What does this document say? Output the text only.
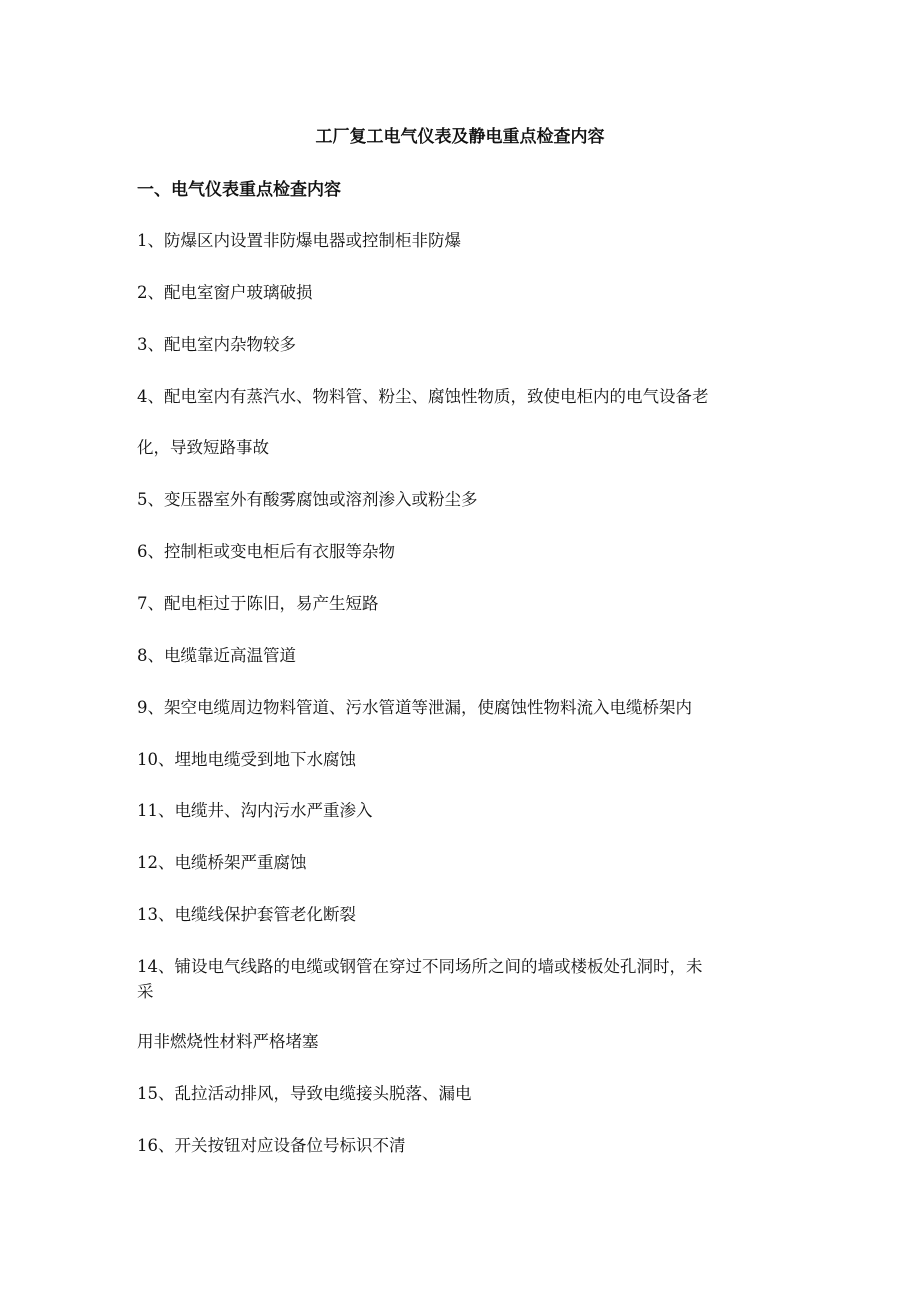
工厂复工电气仪表及静电重点检查内容
一、电气仪表重点检查内容
1、防爆区内设置非防爆电器或控制柜非防爆
2、配电室窗户玻璃破损
3、配电室内杂物较多
4、配电室内有蒸汽水、物料管、粉尘、腐蚀性物质，致使电柜内的电气设备老
化，导致短路事故
5、变压器室外有酸雾腐蚀或溶剂渗入或粉尘多
6、控制柜或变电柜后有衣服等杂物
7、配电柜过于陈旧，易产生短路
8、电缆靠近高温管道
9、架空电缆周边物料管道、污水管道等泄漏，使腐蚀性物料流入电缆桥架内
10、埋地电缆受到地下水腐蚀
11、电缆井、沟内污水严重渗入
12、电缆桥架严重腐蚀
13、电缆线保护套管老化断裂
14、铺设电气线路的电缆或钢管在穿过不同场所之间的墙或楼板处孔洞时，未
采
用非燃烧性材料严格堵塞
15、乱拉活动排风，导致电缆接头脱落、漏电
16、开关按钮对应设备位号标识不清
